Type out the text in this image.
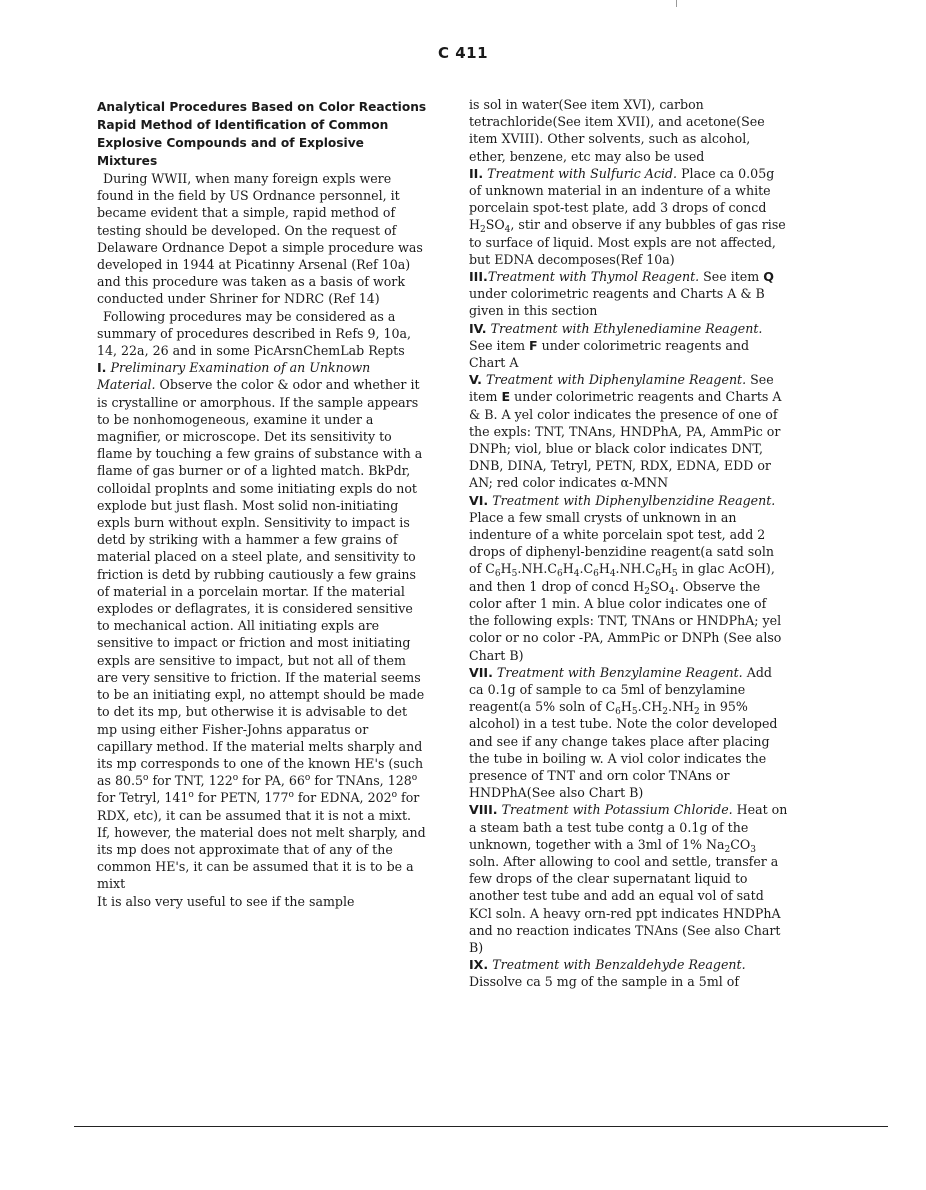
C 411
Analytical Procedures Based on Color Reactions
Rapid Method of Identification of Common
Explosive Compounds and of Explosive
Mixtures

During WWII, when many foreign expls were found in the field by US Ordnance personnel, it became evident that a simple, rapid method of testing should be developed. On the request of Delaware Ordnance Depot a simple procedure was developed in 1944 at Picatinny Arsenal (Ref 10a) and this procedure was taken as a basis of work conducted under Shriner for NDRC (Ref 14)

Following procedures may be considered as a summary of procedures described in Refs 9, 10a, 14, 22a, 26 and in some PicArsnChemLab Repts

I. Preliminary Examination of an Unknown Material. Observe the color & odor and whether it is crystalline or amorphous. If the sample appears to be nonhomogeneous, examine it under a magnifier, or microscope. Det its sensitivity to flame by touching a few grains of substance with a flame of gas burner or of a lighted match. BkPdr, colloidal proplnts and some initiating expls do not explode but just flash. Most solid non-initiating expls burn without expln. Sensitivity to impact is detd by striking with a hammer a few grains of material placed on a steel plate, and sensitivity to friction is detd by rubbing cautiously a few grains of material in a porcelain mortar. If the material explodes or deflagrates, it is considered sensitive to mechanical action. All initiating expls are sensitive to impact or friction and most initiating expls are sensitive to impact, but not all of them are very sensitive to friction. If the material seems to be an initiating expl, no attempt should be made to det its mp, but otherwise it is advisable to det mp using either Fisher-Johns apparatus or capillary method. If the material melts sharply and its mp corresponds to one of the known HE's (such as 80.5$^o$ for TNT, 122$^o$ for PA, 66$^o$ for TNAns, 128$^o$ for Tetryl, 141$^o$ for PETN, 177$^o$ for EDNA, 202$^o$ for RDX, etc), it can be assumed that it is not a mixt. If, however, the material does not melt sharply, and its mp does not approximate that of any of the common HE's, it can be assumed that it is to be a mixt

It is also very useful to see if the sample

is sol in water(See item XVI), carbon tetrachloride(See item XVII), and acetone(See item XVIII). Other solvents, such as alcohol, ether, benzene, etc may also be used

II. Treatment with Sulfuric Acid. Place ca 0.05g of unknown material in an indenture of a white porcelain spot-test plate, add 3 drops of concd $H_2SO_4$, stir and observe if any bubbles of gas rise to surface of liquid. Most expls are not affected, but EDNA decomposes(Ref 10a)

III.Treatment with Thymol Reagent. See item Q under colorimetric reagents and Charts A & B given in this section

IV. Treatment with Ethylenediamine Reagent. See item F under colorimetric reagents and Chart A

V. Treatment with Diphenylamine Reagent. See item E under colorimetric reagents and Charts A & B. A yel color indicates the presence of one of the expls: TNT, TNAns, HNDPhA, PA, AmmPic or DNPh; viol, blue or black color indicates DNT, DNB, DINA, Tetryl, PETN, RDX, EDNA, EDD or AN; red color indicates α-MNN

VI. Treatment with Diphenylbenzidine Reagent. Place a few small crysts of unknown in an indenture of a white porcelain spot test, add 2 drops of diphenyl-benzidine reagent(a satd soln of $C_6H_5.NH.C_6H_4.C_6H_4.NH.C_6H_5$ in glac AcOH), and then 1 drop of concd $H_2SO_4$. Observe the color after 1 min. A blue color indicates one of the following expls: TNT, TNAns or HNDPhA; yel color or no color -PA, AmmPic or DNPh (See also Chart B)

VII. Treatment with Benzylamine Reagent. Add ca 0.1g of sample to ca 5ml of benzylamine reagent(a 5% soln of $C_6H_5.CH_2.NH_2$ in 95% alcohol) in a test tube. Note the color developed and see if any change takes place after placing the tube in boiling w. A viol color indicates the presence of TNT and orn color TNAns or HNDPhA(See also Chart B)

VIII. Treatment with Potassium Chloride. Heat on a steam bath a test tube contg a 0.1g of the unknown, together with a 3ml of 1% $Na_2CO_3$ soln. After allowing to cool and settle, transfer a few drops of the clear supernatant liquid to another test tube and add an equal vol of satd KCl soln. A heavy orn-red ppt indicates HNDPhA and no reaction indicates TNAns (See also Chart B)

IX. Treatment with Benzaldehyde Reagent.
Dissolve ca 5 mg of the sample in a 5ml of
